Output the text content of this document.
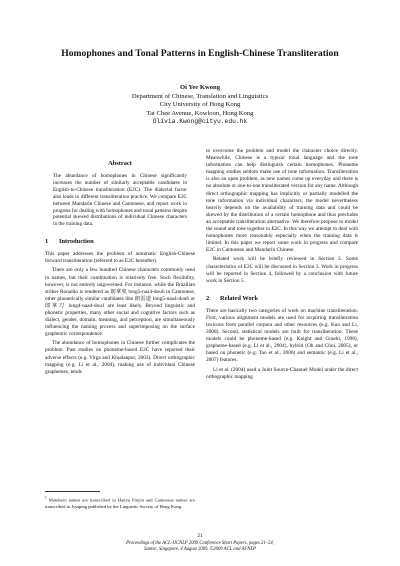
Homophones and Tonal Patterns in English-Chinese Transliteration
Oi Yee Kwong
Department of Chinese, Translation and Linguistics
City University of Hong Kong
Tat Chee Avenue, Kowloon, Hong Kong
Olivia.Kwong@cityu.edu.hk
Abstract
The abundance of homophones in Chinese significantly increases the number of similarly acceptable candidates in English-to-Chinese transliteration (E2C). The dialectal factor also leads to different transliteration practice. We compare E2C between Mandarin Chinese and Cantonese, and report work in progress for dealing with homophones and tonal patterns despite potential skewed distributions of individual Chinese characters in the training data.
1 Introduction

This paper addresses the problem of automatic English-Chinese forward transliteration (referred to as E2C hereafter).

There are only a few hundred Chinese characters commonly used in names, but their combination is relatively free. Such flexibility, however, is not entirely ungoverned. For instance, while the Brazilian striker Ronaldo is rendered as 朗拿度 long5-naa4-dou6 in Cantonese, other phonetically similar candidates like 朗雷道 long5-naa4-dou6 or 郎拿刀 long4-naa4-dou1 are least likely. Beyond linguistic and phonetic properties, many other social and cognitive factors such as dialect, gender, domain, meaning, and perception, are simultaneously influencing the naming process and superimposing on the surface graphemic correspondence.

The abundance of homophones in Chinese further complicates the problem. Past studies on phoneme-based E2C have reported their adverse effects (e.g. Virga and Khudanpur, 2003). Direct orthographic mapping (e.g. Li et al., 2004), making use of individual Chinese graphemes, tends

$^1$ Mandarin names are transcribed in Hanyu Pinyin and Cantonese names are transcribed in Jyutping published by the Linguistic Society of Hong Kong.

to overcome the problem and model the character choice directly. Meanwhile, Chinese is a typical tonal language and the tone information can help distinguish certain homophones. Phoneme mapping studies seldom make use of tone information. Transliteration is also an open problem, as new names come up everyday and there is no absolute or one-to-one transliterated version for any name. Although direct orthographic mapping has implicitly or partially modelled the tone information via individual characters, the model nevertheless heavily depends on the availability of training data and could be skewed by the distribution of a certain homophone and thus precludes an acceptable transliteration alternative. We therefore propose to model the sound and tone together in E2C. In this way we attempt to deal with homophones more reasonably especially when the training data is limited. In this paper we report some work in progress and compare E2C in Cantonese and Mandarin Chinese.

Related work will be briefly reviewed in Section 2. Some characteristics of E2C will be discussed in Section 3. Work in progress will be reported in Section 4, followed by a conclusion with future work in Section 5.

2 Related Work

There are basically two categories of work on machine transliteration. First, various alignment models are used for acquiring transliteration lexicons from parallel corpora and other resources (e.g. Kuo and Li, 2008). Second, statistical models are built for transliteration. These models could be phoneme-based (e.g. Knight and Graehl, 1998), grapheme-based (e.g. Li et al., 2004), hybrid (Oh and Choi, 2005), or based on phonetic (e.g. Tao et al., 2006) and semantic (e.g. Li et al., 2007) features.

Li et al. (2004) used a Joint Source-Channel Model under the direct orthographic mapping

21
Proceedings of the ACL-IJCNLP 2009 Conference Short Papers, pages 21–24,
Suntec, Singapore, 4 August 2009. ©2009 ACL and AFNLP
